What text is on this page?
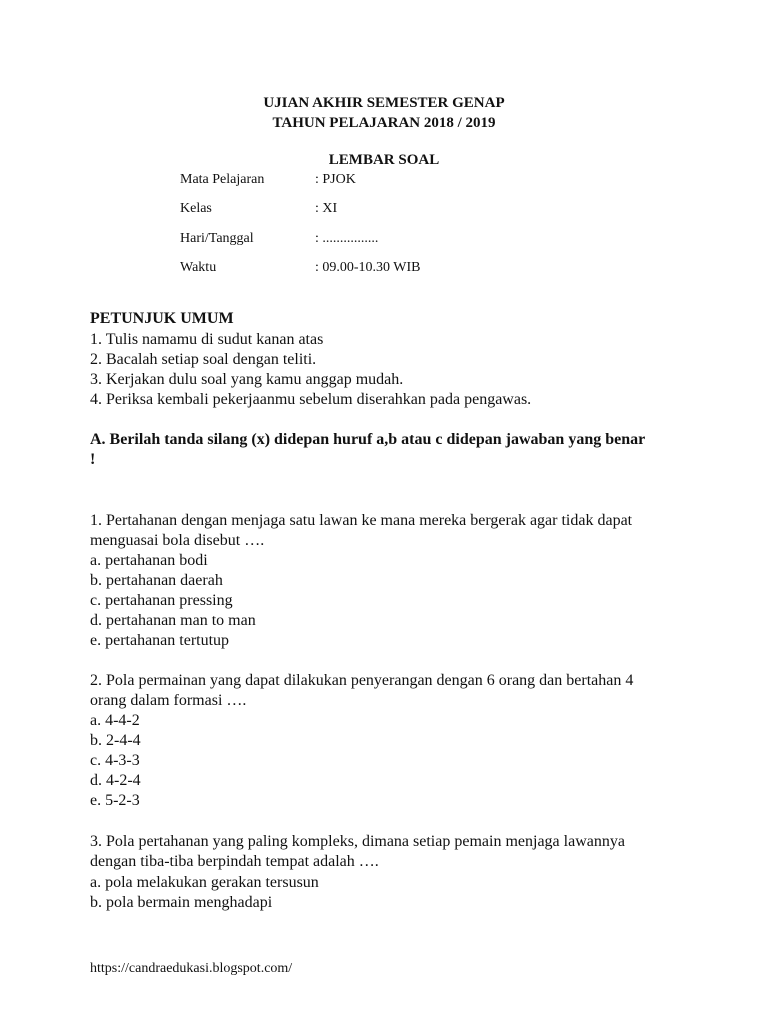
UJIAN AKHIR SEMESTER GENAP
TAHUN PELAJARAN 2018 / 2019
LEMBAR SOAL
Mata Pelajaran	: PJOK
Kelas	: XI
Hari/Tanggal	: ................
Waktu	: 09.00-10.30 WIB
PETUNJUK UMUM
1. Tulis namamu di sudut kanan atas
2. Bacalah setiap soal dengan teliti.
3. Kerjakan dulu soal yang kamu anggap mudah.
4. Periksa kembali pekerjaanmu sebelum diserahkan pada pengawas.
A. Berilah tanda silang (x) didepan huruf a,b atau c didepan jawaban yang benar !
1. Pertahanan dengan menjaga satu lawan ke mana mereka bergerak agar tidak dapat
menguasai bola disebut ….
a. pertahanan bodi
b. pertahanan daerah
c. pertahanan pressing
d. pertahanan man to man
e. pertahanan tertutup
2. Pola permainan yang dapat dilakukan penyerangan dengan 6 orang dan bertahan 4
orang dalam formasi ….
a. 4-4-2
b. 2-4-4
c. 4-3-3
d. 4-2-4
e. 5-2-3
3. Pola pertahanan yang paling kompleks, dimana setiap pemain menjaga lawannya
dengan tiba-tiba berpindah tempat adalah ….
a. pola melakukan gerakan tersusun
b. pola bermain menghadapi
https://candraedukasi.blogspot.com/
